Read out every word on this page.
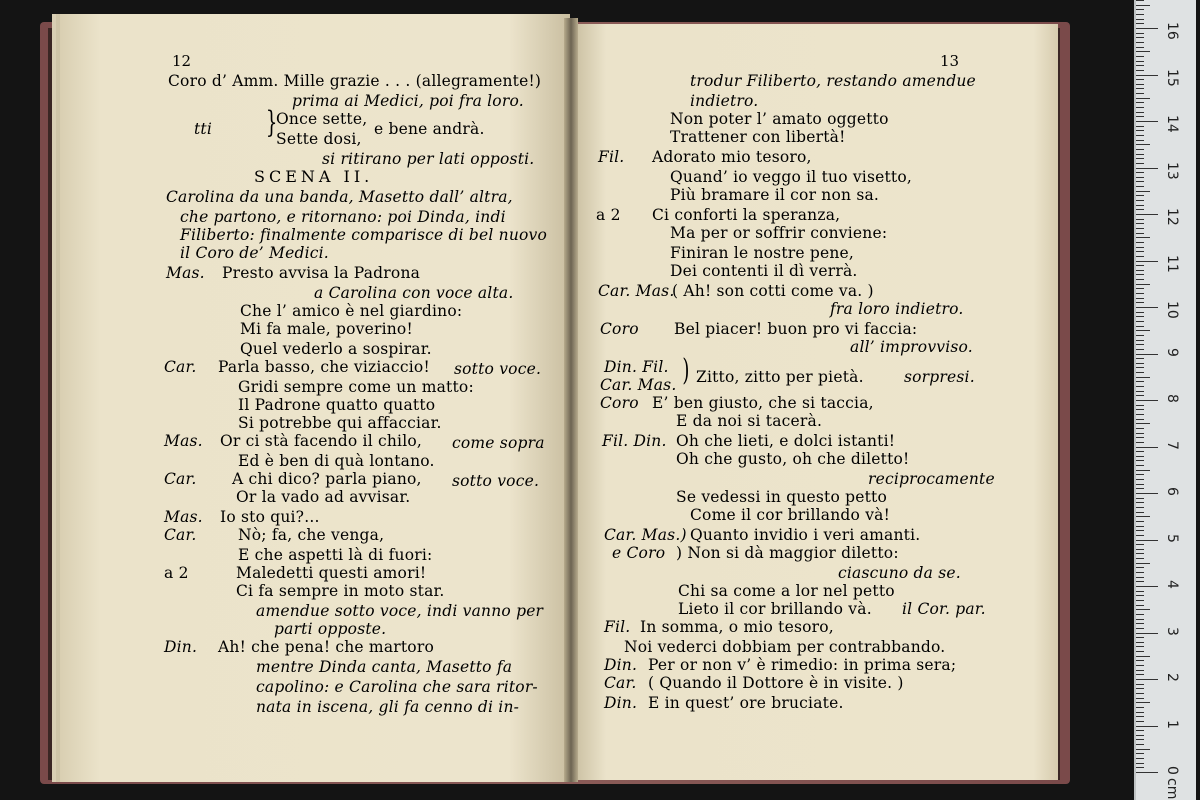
Coro d’ Amm. Mille grazie . . . (allegramente!)
prima ai Medici, poi fra loro.
Once sette,
tti	e bene andrà.
Sette dosi,
si ritirano per lati opposti.
SCENA II.
Carolina da una banda, Masetto dall’ altra,
che partono, e ritornano: poi Dinda, indi
Filiberto: finalmente comparisce di bel nuovo
il Coro de’ Medici.
Mas. Presto avvisa la Padrona
a Carolina con voce alta.
Che l’ amico è nel giardino:
Mi fa male, poverino!
Quel vederlo a sospirar.
Car. Parla basso, che viziaccio! sotto voce.
Gridi sempre come un matto:
Il Padrone quatto quatto
Si potrebbe qui affacciar.
Mas. Or ci stà facendo il chilo, come sopra
Ed è ben di quà lontano.
Car. A chi dico? parla piano, sotto voce.
Or la vado ad avvisar.
Mas. Io sto qui?...
Car.	Nò; fa, che venga,
E che aspetti là di fuori:
a 2	Maledetti questi amori!
Ci fa sempre in moto star.
amendue sotto voce, indi vanno per
parti opposte.
Din. Ah! che pena! che martoro
mentre Dinda canta, Masetto fa
capolino: e Carolina che sara ritor-
nata in iscena, gli fa cenno di in-
trodur Filiberto, restando amendue
indietro.
Non poter l’ amato oggetto
Trattener con libertà!
Fil. Adorato mio tesoro,
Quand’ io veggo il tuo visetto,
Più bramare il cor non sa.
a 2 Ci conforti la speranza,
Ma per or soffrir conviene:
Finiran le nostre pene,
Dei contenti il dì verrà.
Car. Mas.
( Ah! son cotti come va. )
fra loro indietro.
Coro Bel piacer! buon pro vi faccia:
all’ improvviso.
Din. Fil.
Car. Mas. Zitto, zitto per pietà.	sorpresi.
Coro E’ ben giusto, che si taccia,
E da noi si tacerà.
Fil. Din. Oh che lieti, e dolci istanti!
Oh che gusto, oh che diletto!
reciprocamente
Se vedessi in questo petto
Come il cor brillando và!
Car. Mas.) Quanto invidio i veri amanti.
e Coro ) Non si dà maggior diletto:
ciascuno da se.
Chi sa come a lor nel petto
Lieto il cor brillando và. il Cor. par.
Fil. In somma, o mio tesoro,
Noi vederci dobbiam per contrabbando.
Din. Per or non v’ è rimedio: in prima sera;
Car. ( Quando il Dottore è in visite. )
Din. E in quest’ ore bruciate.
12	13
)
}
0
1
2
3
4
5
6
7
8
9
10
11
12
13
14
15
16
cm
